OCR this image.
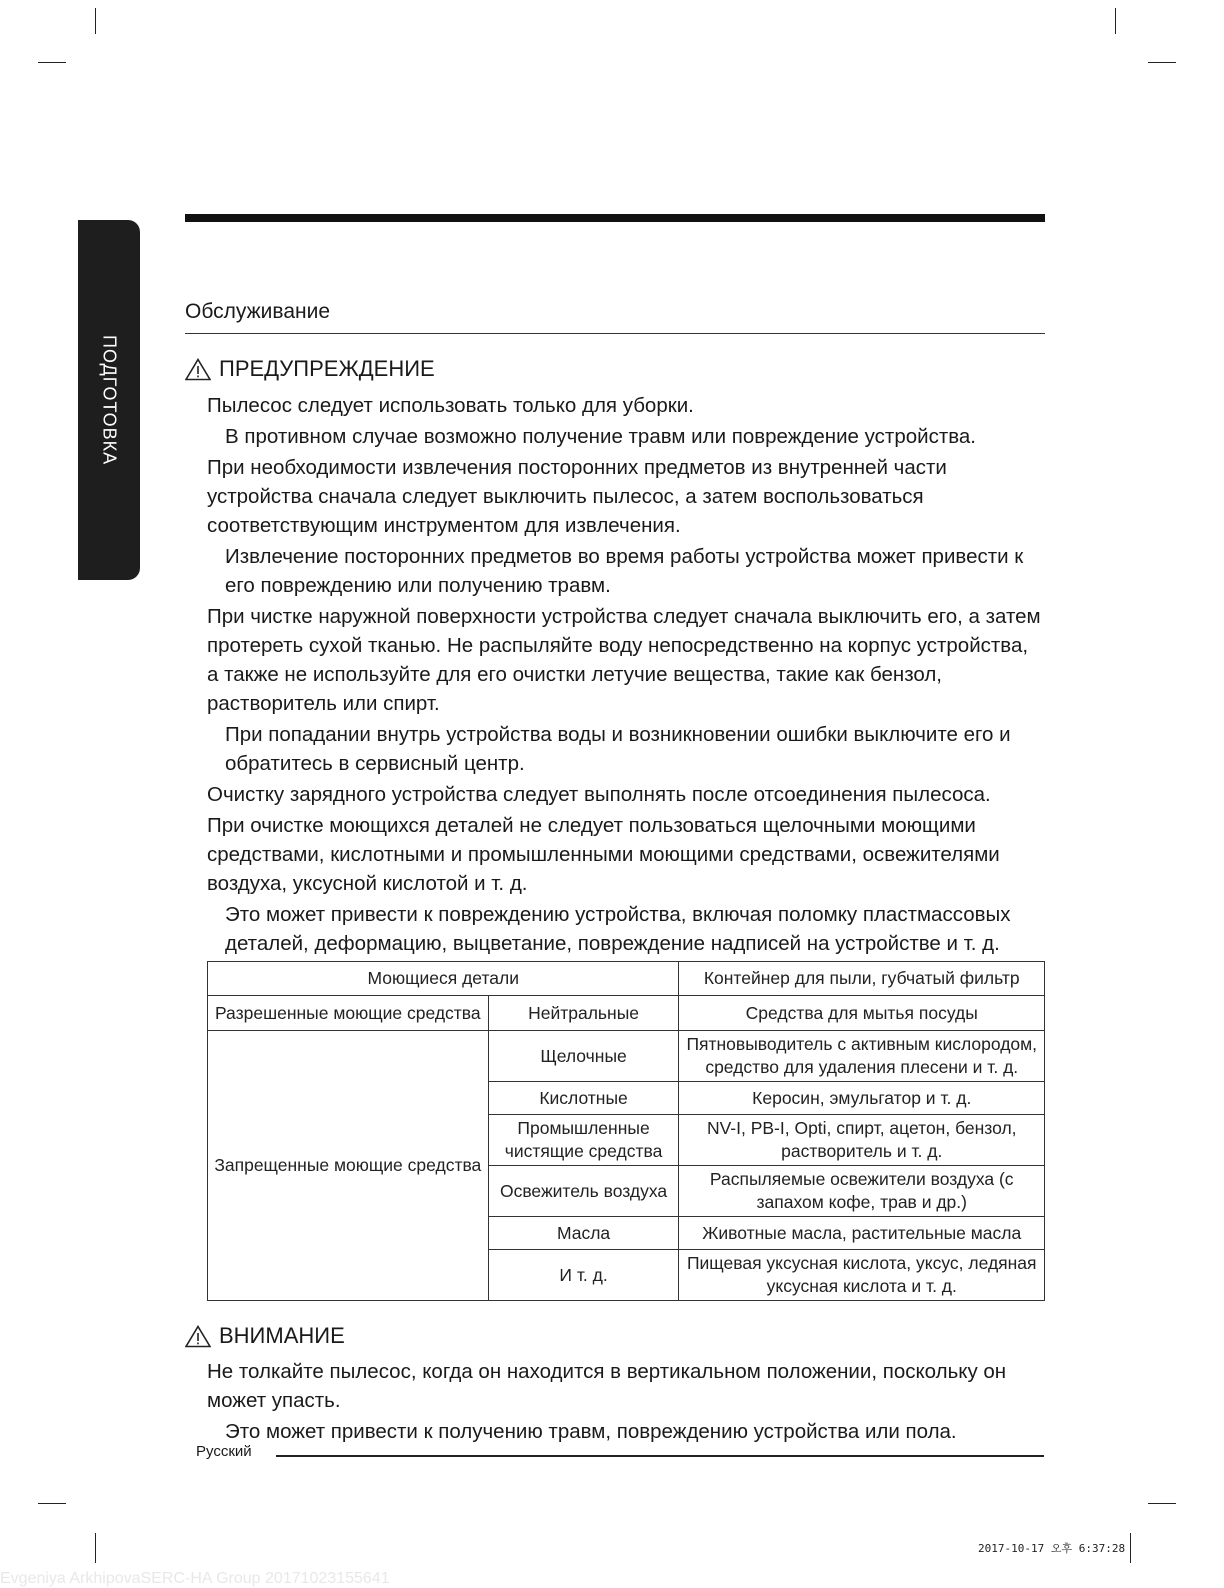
ПОДГОТОВКА
Обслуживание
ПРЕДУПРЕЖДЕНИЕ

Пылесос следует использовать только для уборки.

В противном случае возможно получение травм или повреждение устройства.

При необходимости извлечения посторонних предметов из внутренней части устройства сначала следует выключить пылесос, а затем воспользоваться соответствующим инструментом для извлечения.

Извлечение посторонних предметов во время работы устройства может привести к его повреждению или получению травм.

При чистке наружной поверхности устройства следует сначала выключить его, а затем протереть сухой тканью. Не распыляйте воду непосредственно на корпус устройства, а также не используйте для его очистки летучие вещества, такие как бензол, растворитель или спирт.

При попадании внутрь устройства воды и возникновении ошибки выключите его и обратитесь в сервисный центр.

Очистку зарядного устройства следует выполнять после отсоединения пылесоса.

При очистке моющихся деталей не следует пользоваться щелочными моющими средствами, кислотными и промышленными моющими средствами, освежителями воздуха, уксусной кислотой и т. д.

Это может привести к повреждению устройства, включая поломку пластмассовых деталей, деформацию, выцветание, повреждение надписей на устройстве и т. д.

Моющиеся детали		Контейнер для пыли, губчатый фильтр
Разрешенные моющие средства	Нейтральные	Средства для мытья посуды
Запрещенные моющие средства	Щелочные	Пятновыводитель с активным кислородом, средство для удаления плесени и т. д.
	Кислотные	Керосин, эмульгатор и т. д.
	Промышленные чистящие средства	NV-I, PB-I, Opti, спирт, ацетон, бензол, растворитель и т. д.
	Освежитель воздуха	Распыляемые освежители воздуха (с запахом кофе, трав и др.)
	Масла	Животные масла, растительные масла
	И т. д.	Пищевая уксусная кислота, уксус, ледяная уксусная кислота и т. д.
ВНИМАНИЕ

Не толкайте пылесос, когда он находится в вертикальном положении, поскольку он может упасть.

Это может привести к получению травм, повреждению устройства или пола.

Русский
2017-10-17 오후 6:37:28
Evgeniya ArkhipovaSERC-HA Group 20171023155641
